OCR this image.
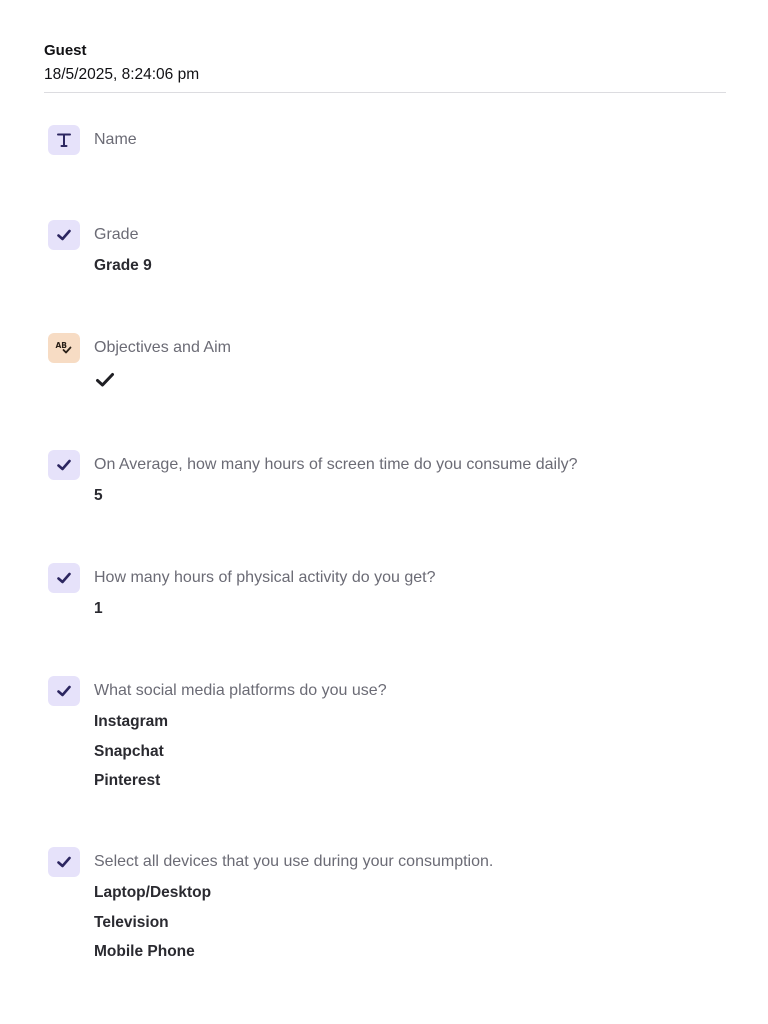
Guest
18/5/2025, 8:24:06 pm
Name
Grade
Grade 9
AB Objectives and Aim
On Average, how many hours of screen time do you consume daily?
5
How many hours of physical activity do you get?
1
What social media platforms do you use?
Instagram
Snapchat
Pinterest
Select all devices that you use during your consumption.
Laptop/Desktop
Television
Mobile Phone
